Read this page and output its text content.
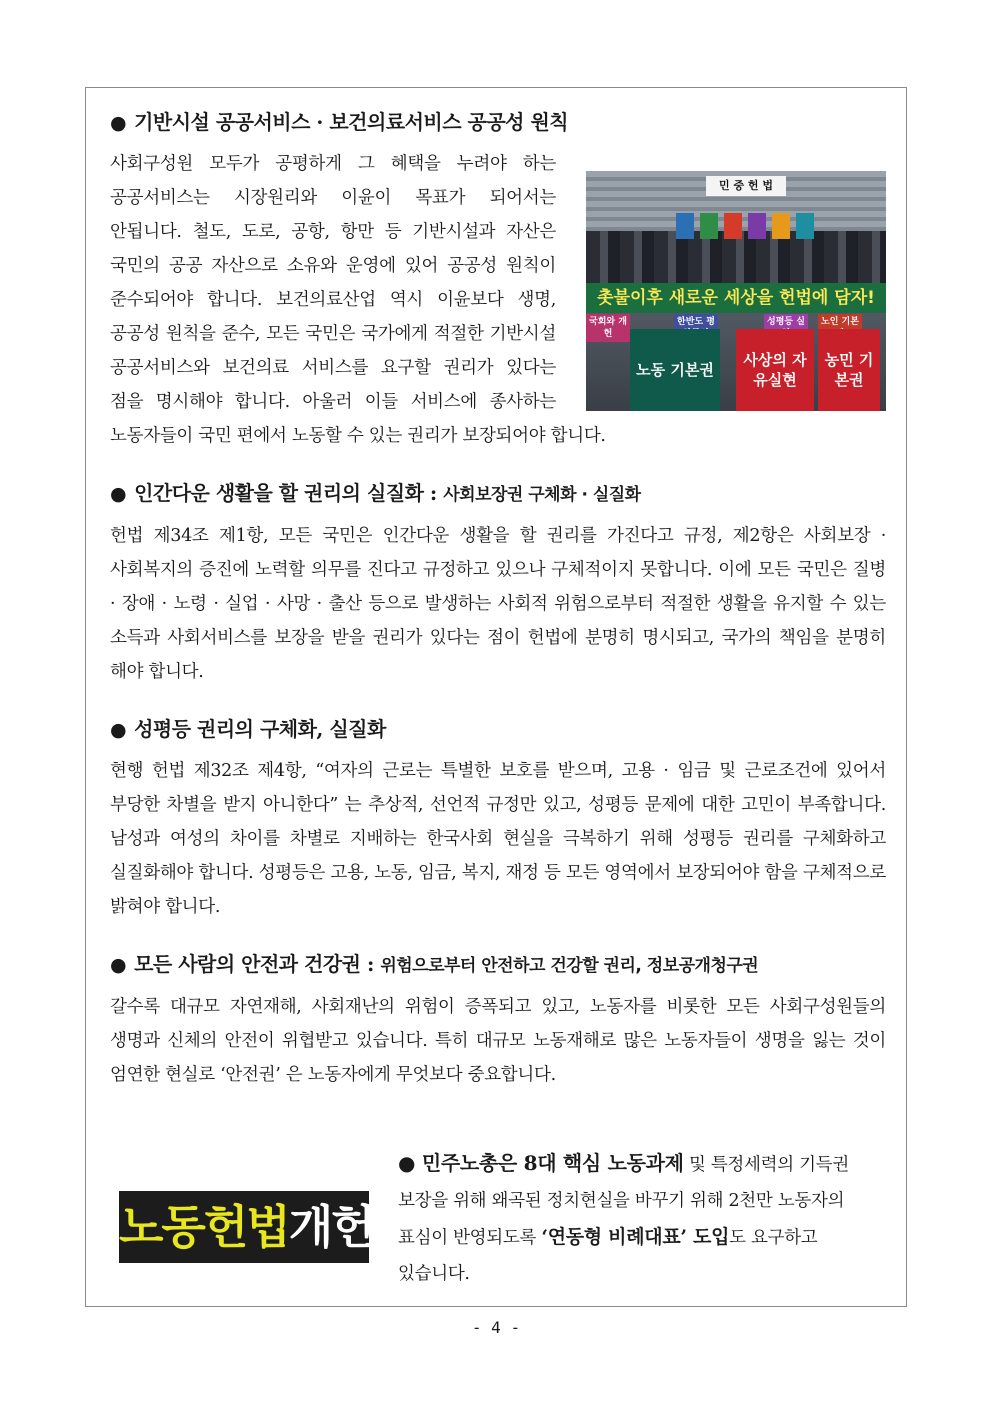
● 기반시설 공공서비스 · 보건의료서비스 공공성 원칙
민 중 헌 법
촛불이후 새로운 세상을 헌법에 담자!
국회와 개헌
한반도 평	성평등 실	노인 기본
노동 기본권
사상의 자유실현
농민 기본권

사회구성원 모두가 공평하게 그 혜택을 누려야 하는 공공서비스는 시장원리와 이윤이 목표가 되어서는 안됩니다. 철도, 도로, 공항, 항만 등 기반시설과 자산은 국민의 공공 자산으로 소유와 운영에 있어 공공성 원칙이 준수되어야 합니다. 보건의료산업 역시 이윤보다 생명, 공공성 원칙을 준수, 모든 국민은 국가에게 적절한 기반시설 공공서비스와 보건의료 서비스를 요구할 권리가 있다는 점을 명시해야 합니다. 아울러 이들 서비스에 종사하는 노동자들이 국민 편에서 노동할 수 있는 권리가 보장되어야 합니다.

● 인간다운 생활을 할 권리의 실질화 : 사회보장권 구체화 · 실질화

헌법 제34조 제1항, 모든 국민은 인간다운 생활을 할 권리를 가진다고 규정, 제2항은 사회보장 · 사회복지의 증진에 노력할 의무를 진다고 규정하고 있으나 구체적이지 못합니다. 이에 모든 국민은 질병 · 장애 · 노령 · 실업 · 사망 · 출산 등으로 발생하는 사회적 위험으로부터 적절한 생활을 유지할 수 있는 소득과 사회서비스를 보장을 받을 권리가 있다는 점이 헌법에 분명히 명시되고, 국가의 책임을 분명히 해야 합니다.

● 성평등 권리의 구체화, 실질화

현행 헌법 제32조 제4항, “여자의 근로는 특별한 보호를 받으며, 고용 · 임금 및 근로조건에 있어서 부당한 차별을 받지 아니한다” 는 추상적, 선언적 규정만 있고, 성평등 문제에 대한 고민이 부족합니다. 남성과 여성의 차이를 차별로 지배하는 한국사회 현실을 극복하기 위해 성평등 권리를 구체화하고 실질화해야 합니다. 성평등은 고용, 노동, 임금, 복지, 재정 등 모든 영역에서 보장되어야 함을 구체적으로 밝혀야 합니다.

● 모든 사람의 안전과 건강권 : 위험으로부터 안전하고 건강할 권리, 정보공개청구권

갈수록 대규모 자연재해, 사회재난의 위험이 증폭되고 있고, 노동자를 비롯한 모든 사회구성원들의 생명과 신체의 안전이 위협받고 있습니다. 특히 대규모 노동재해로 많은 노동자들이 생명을 잃는 것이 엄연한 현실로 ‘안전권’ 은 노동자에게 무엇보다 중요합니다.

노동헌법개헌
● 민주노총은 8대 핵심 노동과제 및 특정세력의 기득권 보장을 위해 왜곡된 정치현실을 바꾸기 위해 2천만 노동자의 표심이 반영되도록 ‘연동형 비례대표’ 도입도 요구하고 있습니다.
- 4 -
